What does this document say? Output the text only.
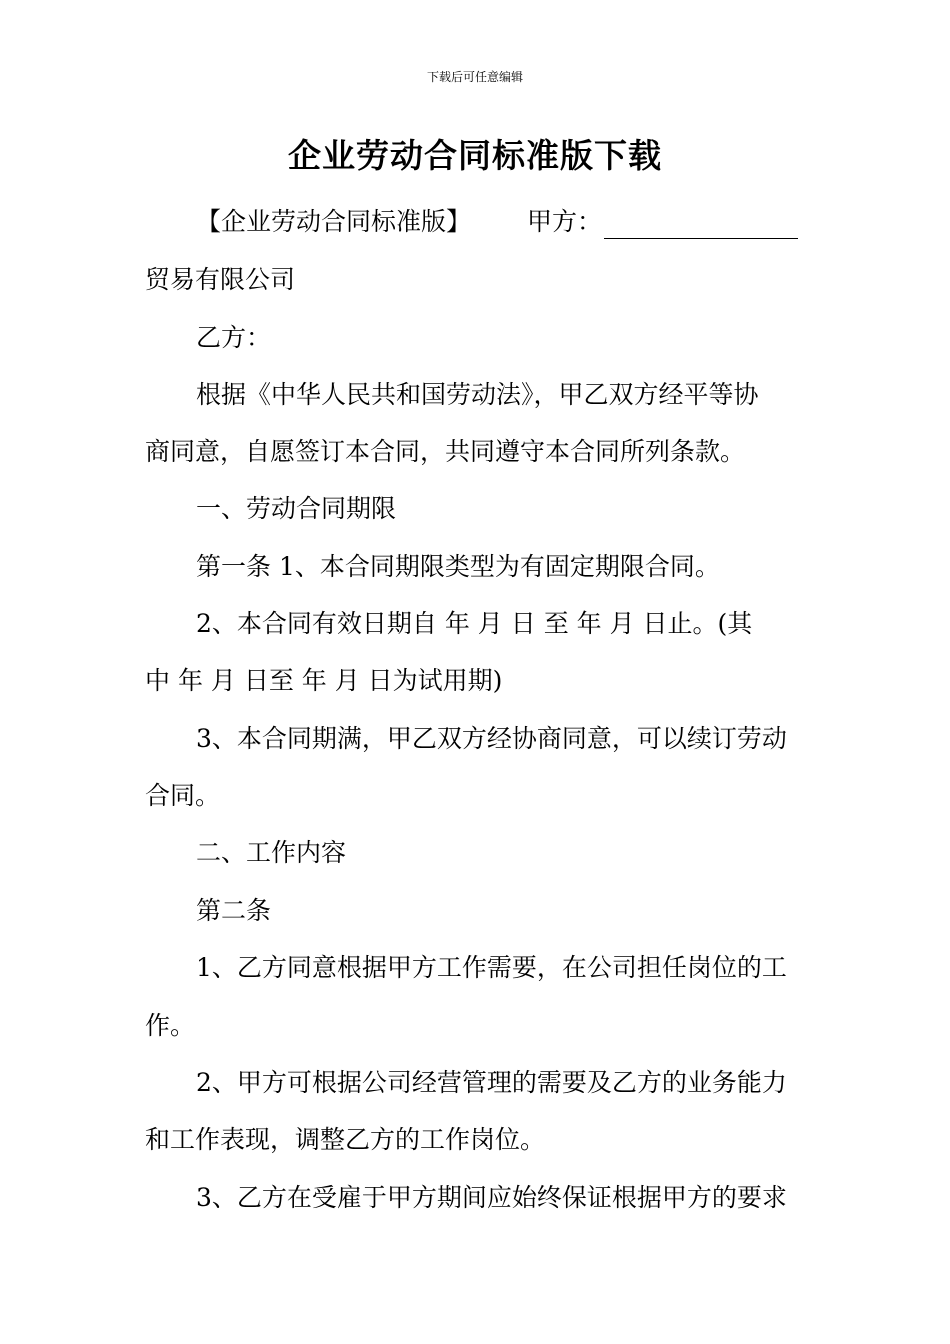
下载后可任意编辑
企业劳动合同标准版下载
【企业劳动合同标准版】 甲方：
贸易有限公司
乙方：
根据《中华人民共和国劳动法》，甲乙双方经平等协
商同意，自愿签订本合同，共同遵守本合同所列条款。
一、劳动合同期限
第一条 1、本合同期限类型为有固定期限合同。
2、本合同有效日期自 年 月 日 至 年 月 日止。(其
中 年 月 日至 年 月 日为试用期)
3、本合同期满，甲乙双方经协商同意，可以续订劳动
合同。
二、工作内容
第二条
1、乙方同意根据甲方工作需要，在公司担任岗位的工
作。
2、甲方可根据公司经营管理的需要及乙方的业务能力
和工作表现，调整乙方的工作岗位。
3、乙方在受雇于甲方期间应始终保证根据甲方的要求
